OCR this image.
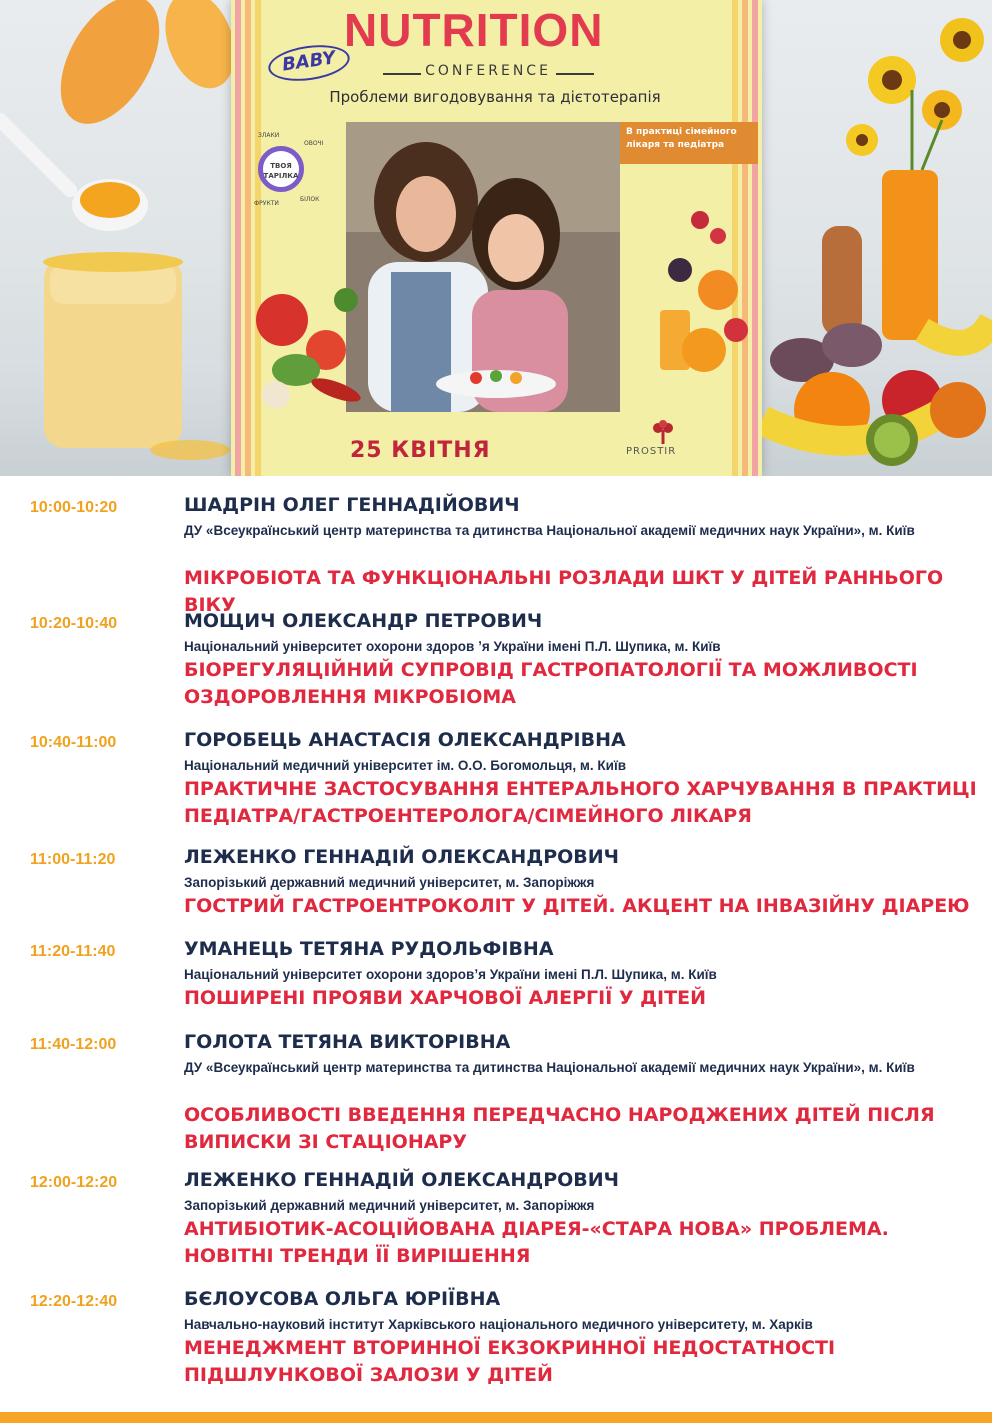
BABY
NUTRITION
CONFERENCE
Проблеми вигодовування та дієтотерапія
ТВОЯ ТАРІЛКА
ЗЛАКИ
ОВОЧІ
ФРУКТИ
БІЛОК
В практиці сімейного лікаря та педіатра
25 КВІТНЯ	PROSTIR
10:00-10:20	ШАДРІН ОЛЕГ ГЕННАДІЙОВИЧ
ДУ «Всеукраїнський центр материнства та дитинства Національної академії медичних наук України», м. Київ
МІКРОБІОТА ТА ФУНКЦІОНАЛЬНІ РОЗЛАДИ ШКТ У ДІТЕЙ РАННЬОГО ВІКУ
10:20-10:40	МОЩИЧ ОЛЕКСАНДР ПЕТРОВИЧ
Національний університет охорони здоров ʼя України імені П.Л. Шупика, м. Київ
БІОРЕГУЛЯЦІЙНИЙ СУПРОВІД ГАСТРОПАТОЛОГІЇ ТА МОЖЛИВОСТІ ОЗДОРОВЛЕННЯ МІКРОБІОМА
10:40-11:00	ГОРОБЕЦЬ АНАСТАСІЯ ОЛЕКСАНДРІВНА
Національний медичний університет ім. О.О. Богомольця, м. Київ
ПРАКТИЧНЕ ЗАСТОСУВАННЯ ЕНТЕРАЛЬНОГО ХАРЧУВАННЯ В ПРАКТИЦІ ПЕДІАТРА/ГАСТРОЕНТЕРОЛОГА/СІМЕЙНОГО ЛІКАРЯ
11:00-11:20	ЛЕЖЕНКО ГЕННАДІЙ ОЛЕКСАНДРОВИЧ
Запорізький державний медичний університет, м. Запоріжжя
ГОСТРИЙ ГАСТРОЕНТРОКОЛІТ У ДІТЕЙ. АКЦЕНТ НА ІНВАЗІЙНУ ДІАРЕЮ
11:20-11:40	УМАНЕЦЬ ТЕТЯНА РУДОЛЬФІВНА
Національний університет охорони здоровʼя України імені П.Л. Шупика, м. Київ
ПОШИРЕНІ ПРОЯВИ ХАРЧОВОЇ АЛЕРГІЇ У ДІТЕЙ
11:40-12:00	ГОЛОТА ТЕТЯНА ВИКТОРІВНА
ДУ «Всеукраїнський центр материнства та дитинства Національної академії медичних наук України», м. Київ
ОСОБЛИВОСТІ ВВЕДЕННЯ ПЕРЕДЧАСНО НАРОДЖЕНИХ ДІТЕЙ ПІСЛЯ ВИПИСКИ ЗІ СТАЦІОНАРУ
12:00-12:20	ЛЕЖЕНКО ГЕННАДІЙ ОЛЕКСАНДРОВИЧ
Запорізький державний медичний університет, м. Запоріжжя
АНТИБІОТИК-АСОЦІЙОВАНА ДІАРЕЯ-«СТАРА НОВА» ПРОБЛЕМА. НОВІТНІ ТРЕНДИ ЇЇ ВИРІШЕННЯ
12:20-12:40	БЄЛОУСОВА ОЛЬГА ЮРІЇВНА
Навчально-науковий інститут Харківського національного медичного університету, м. Харків
МЕНЕДЖМЕНТ ВТОРИННОЇ ЕКЗОКРИННОЇ НЕДОСТАТНОСТІ ПІДШЛУНКОВОЇ ЗАЛОЗИ У ДІТЕЙ
